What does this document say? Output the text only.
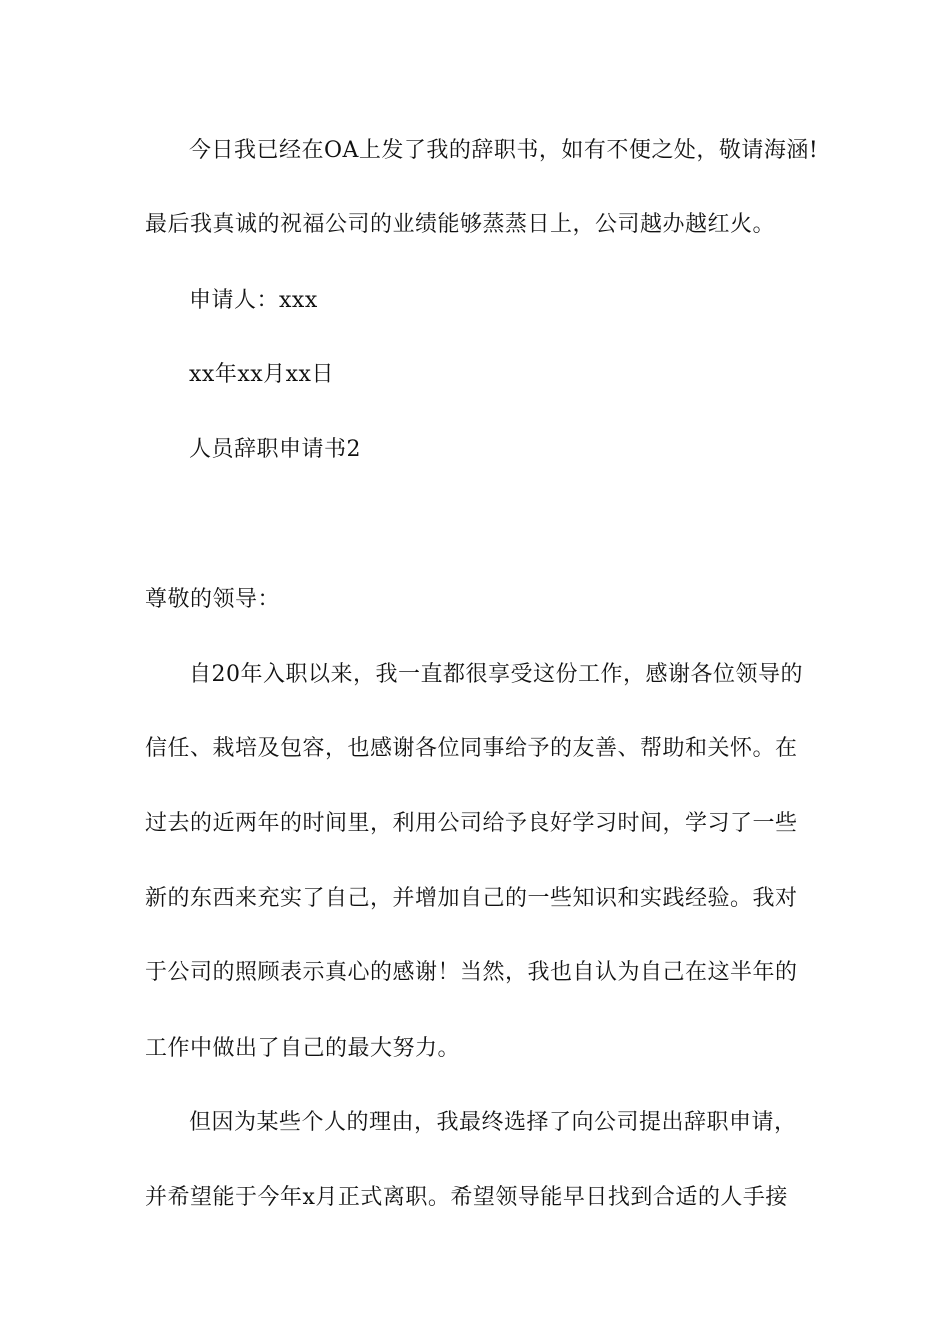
今日我已经在OA上发了我的辞职书，如有不便之处，敬请海涵!
最后我真诚的祝福公司的业绩能够蒸蒸日上，公司越办越红火。
申请人：xxx
xx年xx月xx日
人员辞职申请书2
尊敬的领导：
自20年入职以来，我一直都很享受这份工作，感谢各位领导的
信任、栽培及包容，也感谢各位同事给予的友善、帮助和关怀。在
过去的近两年的时间里，利用公司给予良好学习时间，学习了一些
新的东西来充实了自己，并增加自己的一些知识和实践经验。我对
于公司的照顾表示真心的感谢！当然，我也自认为自己在这半年的
工作中做出了自己的最大努力。
但因为某些个人的理由，我最终选择了向公司提出辞职申请，
并希望能于今年x月正式离职。希望领导能早日找到合适的人手接
